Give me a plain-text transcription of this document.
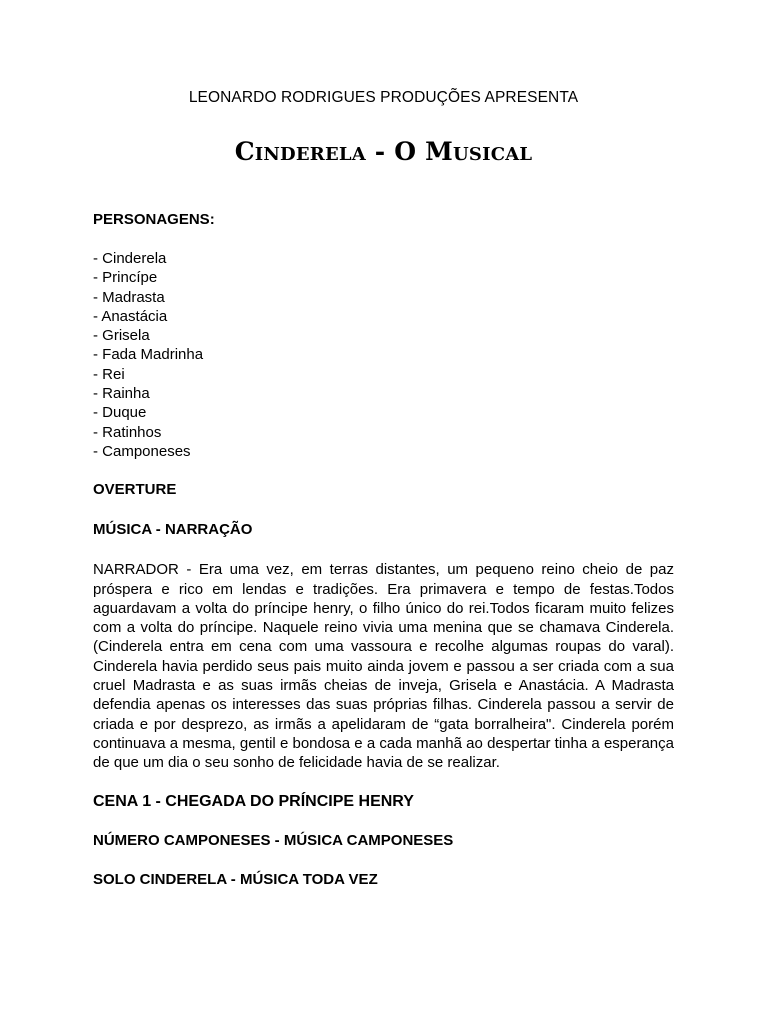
LEONARDO RODRIGUES PRODUÇÕES APRESENTA

Cinderela - O Musical
PERSONAGENS:
- Cinderela
- Princípe
- Madrasta
- Anastácia
- Grisela
- Fada Madrinha
- Rei
- Rainha
- Duque
- Ratinhos
- Camponeses
OVERTURE
MÚSICA - NARRAÇÃO

NARRADOR - Era uma vez, em terras distantes, um pequeno reino cheio de paz próspera e rico em lendas e tradições. Era primavera e tempo de festas.Todos aguardavam a volta do príncipe henry, o filho único do rei.Todos ficaram muito felizes com a volta do príncipe. Naquele reino vivia uma menina que se chamava Cinderela.(Cinderela entra em cena com uma vassoura e recolhe algumas roupas do varal). Cinderela havia perdido seus pais muito ainda jovem e passou a ser criada com a sua cruel Madrasta e as suas irmãs cheias de inveja, Grisela e Anastácia. A Madrasta defendia apenas os interesses das suas próprias filhas. Cinderela passou a servir de criada e por desprezo, as irmãs a apelidaram de “gata borralheira". Cinderela porém continuava a mesma, gentil e bondosa e a cada manhã ao despertar tinha a esperança de que um dia o seu sonho de felicidade havia de se realizar.

CENA 1 - CHEGADA DO PRÍNCIPE HENRY
NÚMERO CAMPONESES - MÚSICA CAMPONESES
SOLO CINDERELA - MÚSICA TODA VEZ
